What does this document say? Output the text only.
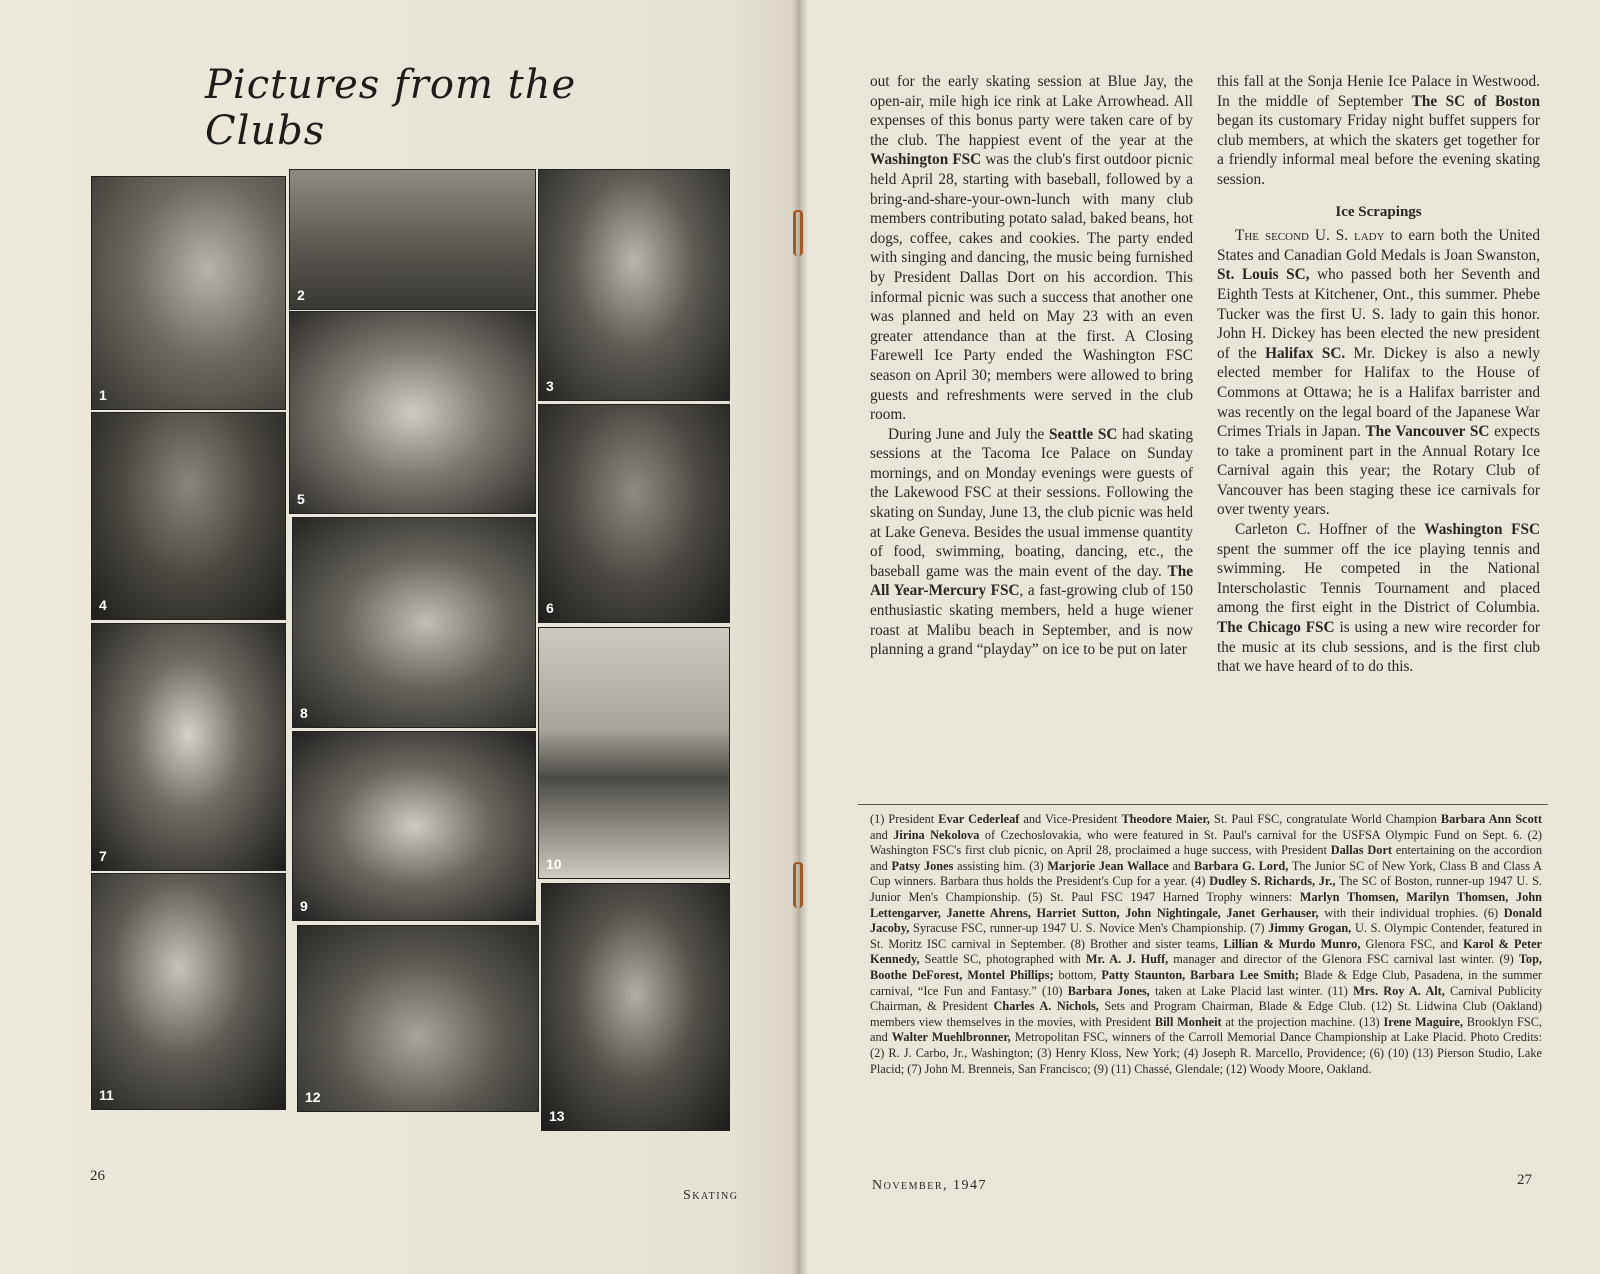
Pictures from the Clubs
1
4
7
11
2
5
8
9
12
3
6
10
13
26
Skating

out for the early skating session at Blue Jay, the open-air, mile high ice rink at Lake Arrowhead. All expenses of this bonus party were taken care of by the club. The happiest event of the year at the Washington FSC was the club's first outdoor picnic held April 28, starting with baseball, followed by a bring-and-share-your-own-lunch with many club members contributing potato salad, baked beans, hot dogs, coffee, cakes and cookies. The party ended with singing and dancing, the music being furnished by President Dallas Dort on his accordion. This informal picnic was such a success that another one was planned and held on May 23 with an even greater attendance than at the first. A Closing Farewell Ice Party ended the Washington FSC season on April 30; members were allowed to bring guests and refreshments were served in the club room.

During June and July the Seattle SC had skating sessions at the Tacoma Ice Palace on Sunday mornings, and on Monday evenings were guests of the Lakewood FSC at their sessions. Following the skating on Sunday, June 13, the club picnic was held at Lake Geneva. Besides the usual immense quantity of food, swimming, boating, dancing, etc., the baseball game was the main event of the day. The All Year-Mercury FSC, a fast-growing club of 150 enthusiastic skating members, held a huge wiener roast at Malibu beach in September, and is now planning a grand “playday” on ice to be put on later

this fall at the Sonja Henie Ice Palace in Westwood. In the middle of September The SC of Boston began its customary Friday night buffet suppers for club members, at which the skaters get together for a friendly informal meal before the evening skating session.

Ice Scrapings

The second U. S. lady to earn both the United States and Canadian Gold Medals is Joan Swanston, St. Louis SC, who passed both her Seventh and Eighth Tests at Kitchener, Ont., this summer. Phebe Tucker was the first U. S. lady to gain this honor. John H. Dickey has been elected the new president of the Halifax SC. Mr. Dickey is also a newly elected member for Halifax to the House of Commons at Ottawa; he is a Halifax barrister and was recently on the legal board of the Japanese War Crimes Trials in Japan. The Vancouver SC expects to take a prominent part in the Annual Rotary Ice Carnival again this year; the Rotary Club of Vancouver has been staging these ice carnivals for over twenty years.

Carleton C. Hoffner of the Washington FSC spent the summer off the ice playing tennis and swimming. He competed in the National Interscholastic Tennis Tournament and placed among the first eight in the District of Columbia. The Chicago FSC is using a new wire recorder for the music at its club sessions, and is the first club that we have heard of to do this.

(1) President Evar Cederleaf and Vice-President Theodore Maier, St. Paul FSC, congratulate World Champion Barbara Ann Scott and Jirina Nekolova of Czechoslovakia, who were featured in St. Paul's carnival for the USFSA Olympic Fund on Sept. 6. (2) Washington FSC's first club picnic, on April 28, proclaimed a huge success, with President Dallas Dort entertaining on the accordion and Patsy Jones assisting him. (3) Marjorie Jean Wallace and Barbara G. Lord, The Junior SC of New York, Class B and Class A Cup winners. Barbara thus holds the President's Cup for a year. (4) Dudley S. Richards, Jr., The SC of Boston, runner-up 1947 U. S. Junior Men's Championship. (5) St. Paul FSC 1947 Harned Trophy winners: Marlyn Thomsen, Marilyn Thomsen, John Lettengarver, Janette Ahrens, Harriet Sutton, John Nightingale, Janet Gerhauser, with their individual trophies. (6) Donald Jacoby, Syracuse FSC, runner-up 1947 U. S. Novice Men's Championship. (7) Jimmy Grogan, U. S. Olympic Contender, featured in St. Moritz ISC carnival in September. (8) Brother and sister teams, Lillian & Murdo Munro, Glenora FSC, and Karol & Peter Kennedy, Seattle SC, photographed with Mr. A. J. Huff, manager and director of the Glenora FSC carnival last winter. (9) Top, Boothe DeForest, Montel Phillips; bottom, Patty Staunton, Barbara Lee Smith; Blade & Edge Club, Pasadena, in the summer carnival, “Ice Fun and Fantasy.” (10) Barbara Jones, taken at Lake Placid last winter. (11) Mrs. Roy A. Alt, Carnival Publicity Chairman, & President Charles A. Nichols, Sets and Program Chairman, Blade & Edge Club. (12) St. Lidwina Club (Oakland) members view themselves in the movies, with President Bill Monheit at the projection machine. (13) Irene Maguire, Brooklyn FSC, and Walter Muehlbronner, Metropolitan FSC, winners of the Carroll Memorial Dance Championship at Lake Placid. Photo Credits: (2) R. J. Carbo, Jr., Washington; (3) Henry Kloss, New York; (4) Joseph R. Marcello, Providence; (6) (10) (13) Pierson Studio, Lake Placid; (7) John M. Brenneis, San Francisco; (9) (11) Chassé, Glendale; (12) Woody Moore, Oakland.
November, 1947	27
